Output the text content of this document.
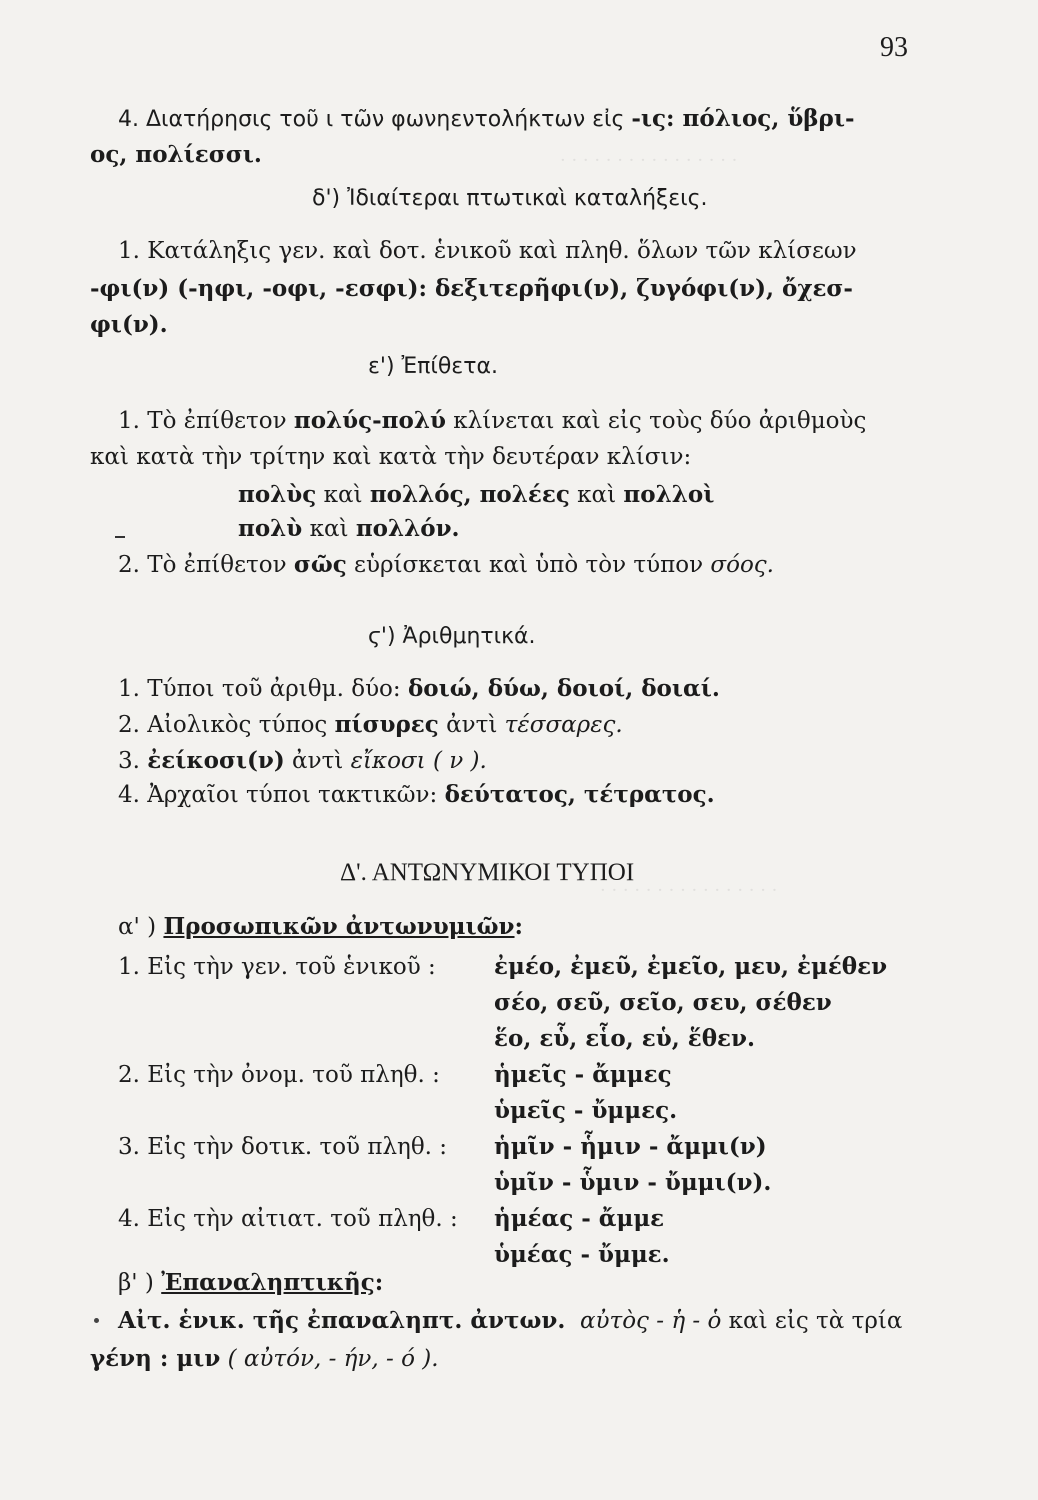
· · · · · · · · · · · · · · · ·
· · · · · · · · · · · · · · · ·
93
4. Διατήρησις τοῦ ι τῶν φωνηεντολήκτων εἰς -ις: πόλιος, ὕβρι-
ος, πολίεσσι.
δ') Ἰδιαίτεραι πτωτικαὶ καταλήξεις.
1. Κατάληξις γεν. καὶ δοτ. ἑνικοῦ καὶ πληθ. ὅλων τῶν κλίσεων
-φι(ν) (-ηφι, -οφι, -εσφι): δεξιτερῆφι(ν), ζυγόφι(ν), ὄχεσ-
φι(ν).
ε') Ἐπίθετα.
1. Τὸ ἐπίθετον πολύς-πολύ κλίνεται καὶ εἰς τοὺς δύο ἀριθμοὺς
καὶ κατὰ τὴν τρίτην καὶ κατὰ τὴν δευτέραν κλίσιν:
πολὺς καὶ πολλός, πολέες καὶ πολλοὶ
πολὺ καὶ πολλόν.
2. Τὸ ἐπίθετον σῶς εὑρίσκεται καὶ ὑπὸ τὸν τύπον σόος.
ϛ') Ἀριθμητικά.
1. Τύποι τοῦ ἀριθμ. δύο: δοιώ, δύω, δοιοί, δοιαί.
2. Αἰολικὸς τύπος πίσυρες ἀντὶ τέσσαρες.
3. ἐείκοσι(ν) ἀντὶ εἴκοσι ( ν ).
4. Ἀρχαῖοι τύποι τακτικῶν: δεύτατος, τέτρατος.
Δ'. ΑΝΤΩΝΥΜΙΚΟΙ ΤΥΠΟΙ
α' ) Προσωπικῶν ἀντωνυμιῶν:
1. Εἰς τὴν γεν. τοῦ ἑνικοῦ :	ἐμέο, ἐμεῦ, ἐμεῖο, μευ, ἐμέθεν
σέο, σεῦ, σεῖο, σευ, σέθεν
ἕο, εὗ, εἷο, εὑ, ἕθεν.
2. Εἰς τὴν ὀνομ. τοῦ πληθ. : ἡμεῖς - ἄμμες
ὑμεῖς - ὔμμες.
3. Εἰς τὴν δοτικ. τοῦ πληθ. : ἡμῖν - ἧμιν - ἄμμι(ν)
ὑμῖν - ὗμιν - ὔμμι(ν).
4. Εἰς τὴν αἰτιατ. τοῦ πληθ. : ἡμέας - ἄμμε
ὑμέας - ὔμμε.
β' ) Ἐπαναληπτικῆς:
Αἰτ. ἑνικ. τῆς ἐπαναληπτ. ἀντων. αὐτὸς - ἡ - ὁ καὶ εἰς τὰ τρία
γένη : μιν ( αὐτόν, - ήν, - ό ).
